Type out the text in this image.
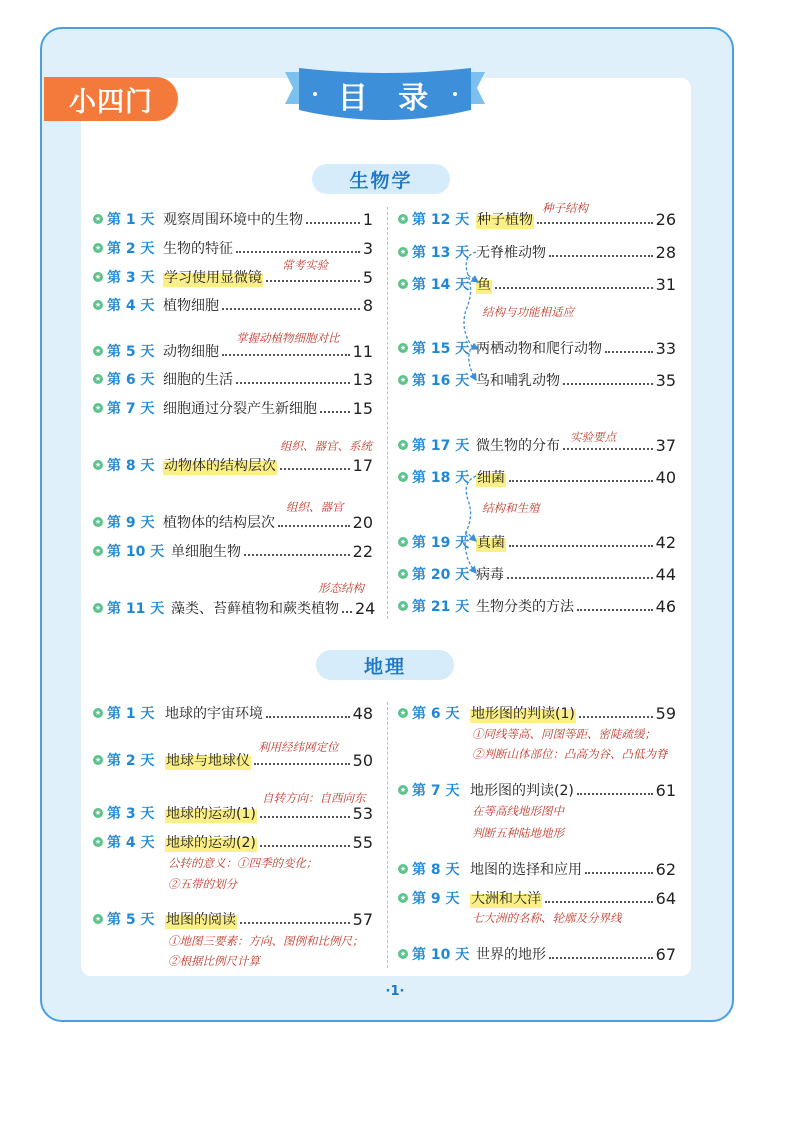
小四门	目 录
生物学
地理
★ 第 1 天 观察周围环境中的生物	1
★ 第 2 天 生物的特征	3
★ 第 3 天 学习使用显微镜	5
★ 第 4 天 植物细胞	8
★ 第 5 天 动物细胞	11
★ 第 6 天 细胞的生活	13
★ 第 7 天 细胞通过分裂产生新细胞 15
★ 第 8 天 动物体的结构层次	17
★ 第 9 天 植物体的结构层次	20
★ 第 10 天 单细胞生物	22
★ 第 11 天 藻类、苔藓植物和蕨类植物 24
★ 第 12 天 种子植物	26
★ 第 13 天 无脊椎动物	28
★ 第 14 天 鱼	31
★ 第 15 天 两栖动物和爬行动物	33
★ 第 16 天 鸟和哺乳动物	35
★ 第 17 天 微生物的分布	37
★ 第 18 天 细菌	40
★ 第 19 天 真菌	42
★ 第 20 天 病毒	44
★ 第 21 天 生物分类的方法	46
常考实验
掌握动植物细胞对比
组织、器官、系统
组织、器官
形态结构
种子结构
结构与功能相适应
实验要点
结构和生殖
★ 第 1 天 地球的宇宙环境	48
★ 第 2 天 地球与地球仪	50
★ 第 3 天 地球的运动(1)	53
★ 第 4 天 地球的运动(2)	55
★ 第 5 天 地图的阅读	57
★ 第 6 天 地形图的判读(1)	59
★ 第 7 天 地形图的判读(2)	61
★ 第 8 天 地图的选择和应用	62
★ 第 9 天 大洲和大洋	64
★ 第 10 天 世界的地形	67
利用经纬网定位
自转方向：自西向东
公转的意义：①四季的变化；
②五带的划分
①地图三要素：方向、图例和比例尺；
②根据比例尺计算
①同线等高、同图等距、密陡疏缓；
②判断山体部位：凸高为谷、凸低为脊
在等高线地形图中
判断五种陆地地形
七大洲的名称、轮廓及分界线
·1·
